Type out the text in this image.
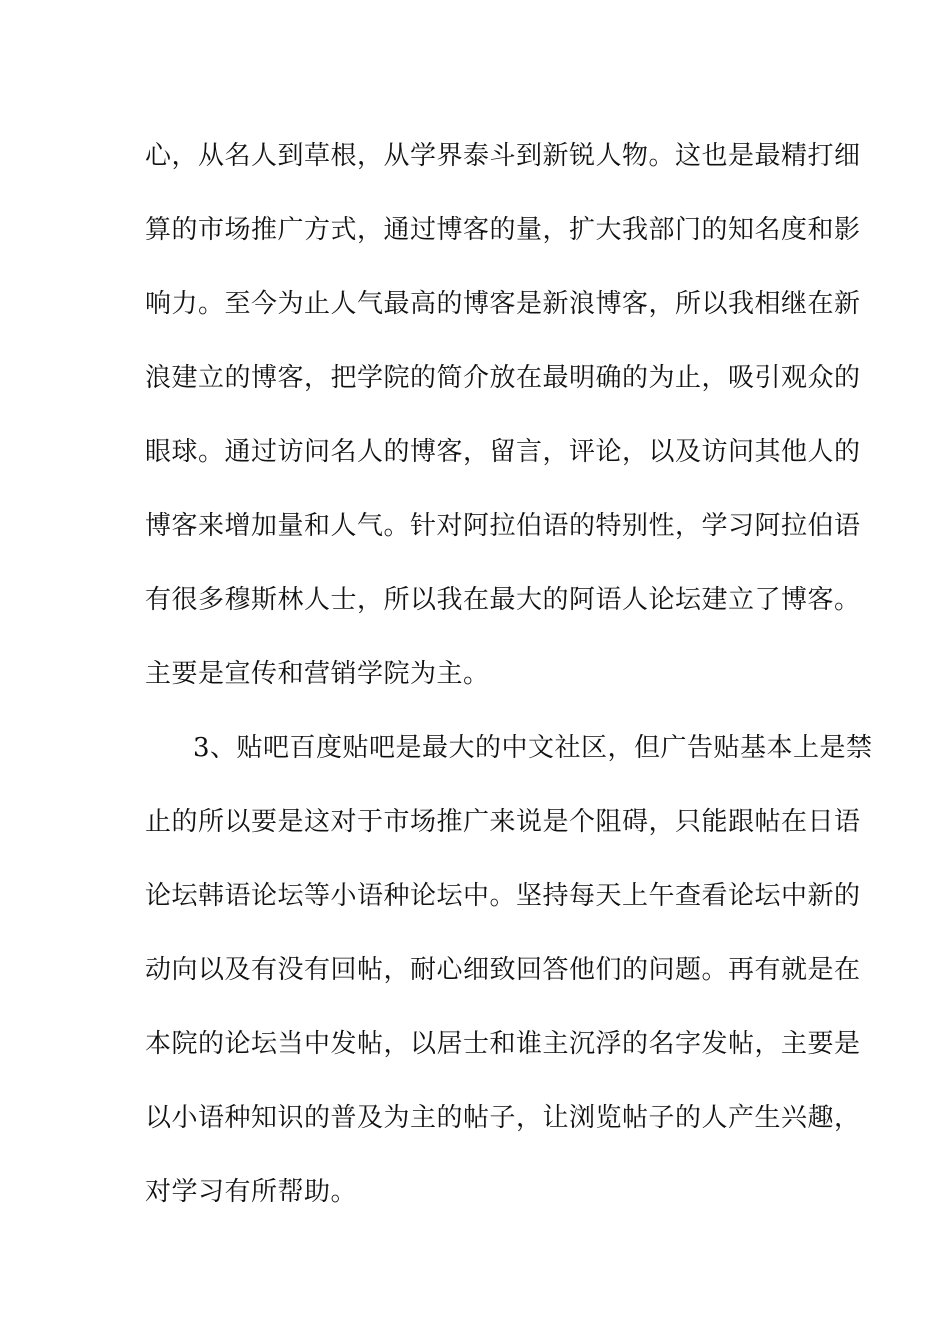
心，从名人到草根，从学界泰斗到新锐人物。这也是最精打细
算的市场推广方式，通过博客的量，扩大我部门的知名度和影
响力。至今为止人气最高的博客是新浪博客，所以我相继在新
浪建立的博客，把学院的简介放在最明确的为止，吸引观众的
眼球。通过访问名人的博客，留言，评论，以及访问其他人的
博客来增加量和人气。针对阿拉伯语的特别性，学习阿拉伯语
有很多穆斯林人士，所以我在最大的阿语人论坛建立了博客。
主要是宣传和营销学院为主。
3、贴吧百度贴吧是最大的中文社区，但广告贴基本上是禁
止的所以要是这对于市场推广来说是个阻碍，只能跟帖在日语
论坛韩语论坛等小语种论坛中。坚持每天上午查看论坛中新的
动向以及有没有回帖，耐心细致回答他们的问题。再有就是在
本院的论坛当中发帖，以居士和谁主沉浮的名字发帖，主要是
以小语种知识的普及为主的帖子，让浏览帖子的人产生兴趣，
对学习有所帮助。
